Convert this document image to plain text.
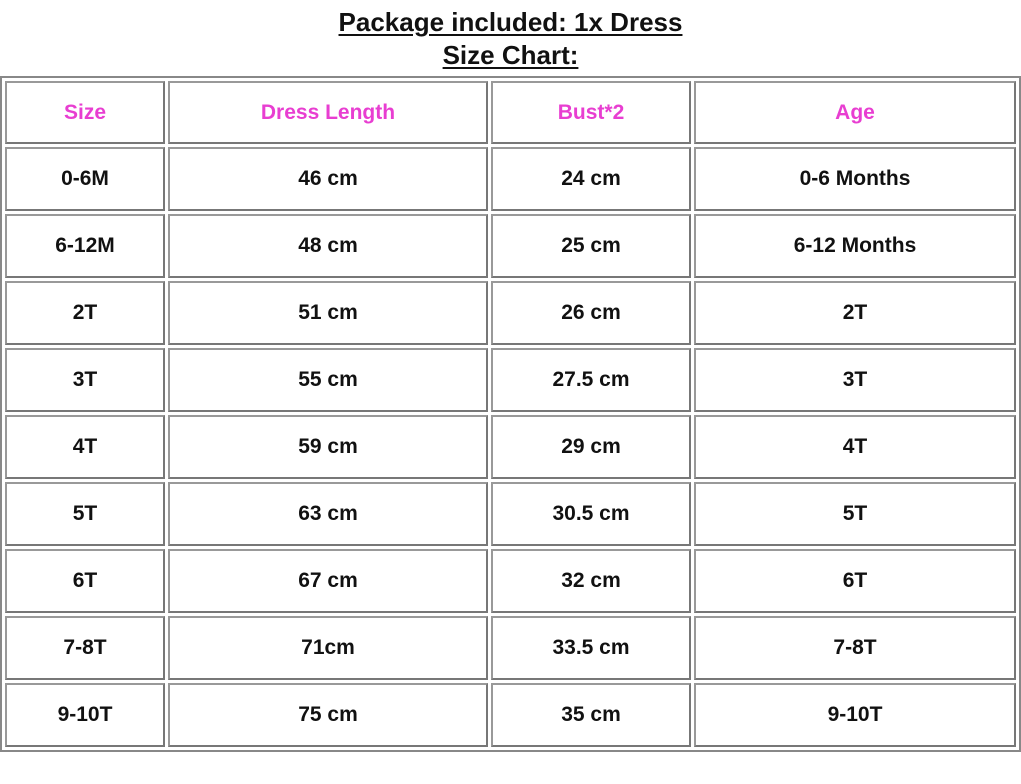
Package included: 1x Dress
Size Chart:
Size	Dress Length	Bust*2	Age
0-6M	46 cm	24 cm	0-6 Months
6-12M	48 cm	25 cm	6-12 Months
2T	51 cm	26 cm	2T
3T	55 cm	27.5 cm	3T
4T	59 cm	29 cm	4T
5T	63 cm	30.5 cm	5T
6T	67 cm	32 cm	6T
7-8T	71cm	33.5 cm	7-8T
9-10T	75 cm	35 cm	9-10T
